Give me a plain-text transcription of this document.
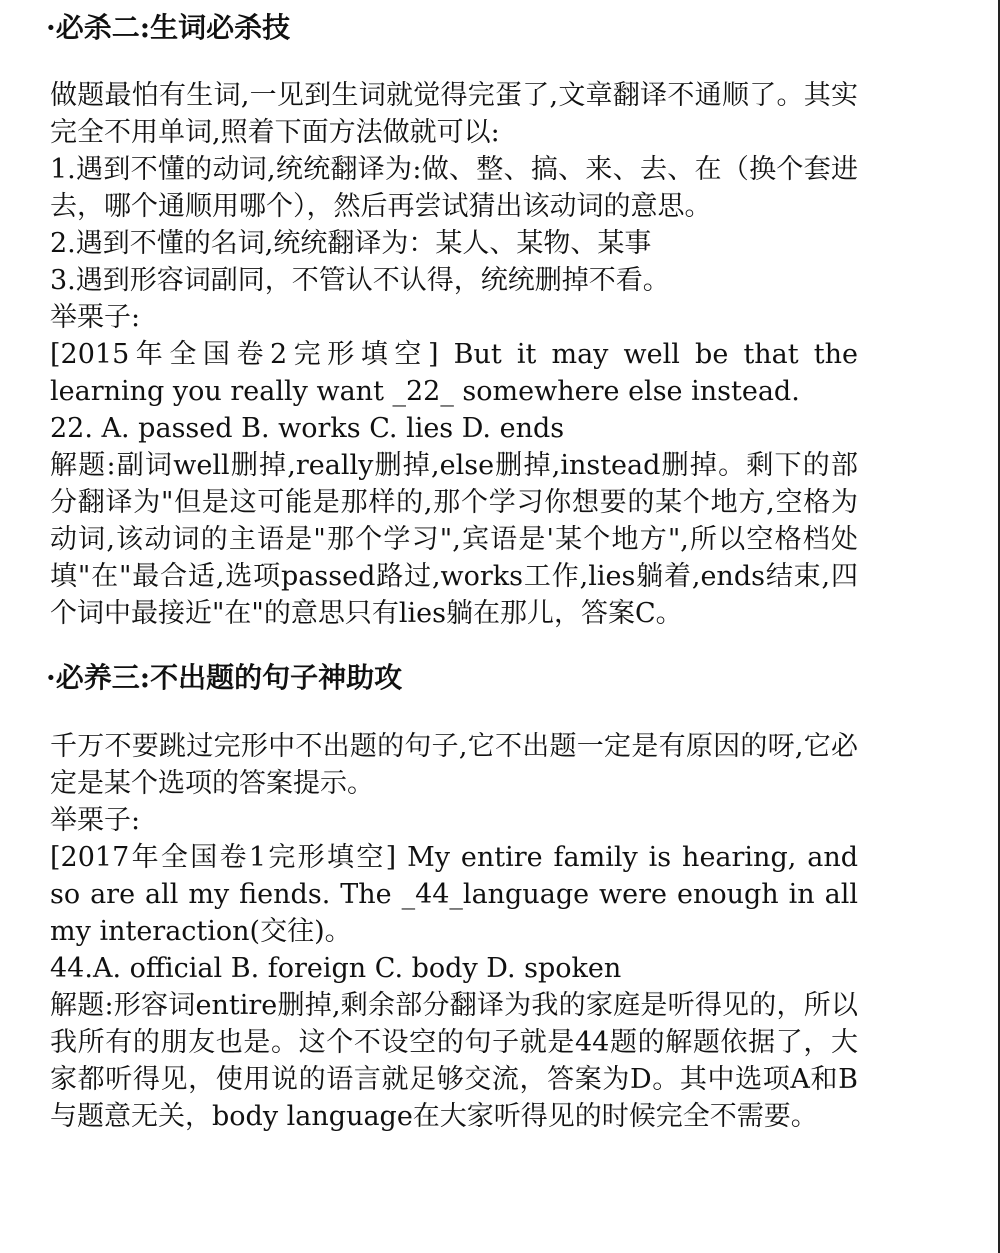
·必杀二:生词必杀技

做题最怕有生词,一见到生词就觉得完蛋了,文章翻译不通顺了。其实完全不用单词,照着下面方法做就可以:

1.遇到不懂的动词,统统翻译为:做、整、搞、来、去、在（换个套进去，哪个通顺用哪个），然后再尝试猜出该动词的意思。

2.遇到不懂的名词,统统翻译为：某人、某物、某事

3.遇到形容词副同，不管认不认得，统统删掉不看。

举栗子:

[2015年全国卷2完形填空] But it may well be that the learning you really want _22_ somewhere else instead.

22. A. passed B. works C. lies D. ends

解题:副词well删掉,really删掉,else删掉,instead删掉。剩下的部分翻译为"但是这可能是那样的,那个学习你想要的某个地方,空格为动词,该动词的主语是"那个学习",宾语是'某个地方",所以空格档处填"在"最合适,选项passed路过,works工作,lies躺着,ends结束,四个词中最接近"在"的意思只有lies躺在那儿，答案C。

·必养三:不出题的句子神助攻

千万不要跳过完形中不出题的句子,它不出题一定是有原因的呀,它必定是某个选项的答案提示。

举栗子:

[2017年全国卷1完形填空] My entire family is hearing, and so are all my fiends. The _44_language were enough in all my interaction(交往)。

44.A. official B. foreign C. body D. spoken

解题:形容词entire删掉,剩余部分翻译为我的家庭是听得见的，所以我所有的朋友也是。这个不设空的句子就是44题的解题依据了，大家都听得见，使用说的语言就足够交流，答案为D。其中选项A和B与题意无关，body language在大家听得见的时候完全不需要。
